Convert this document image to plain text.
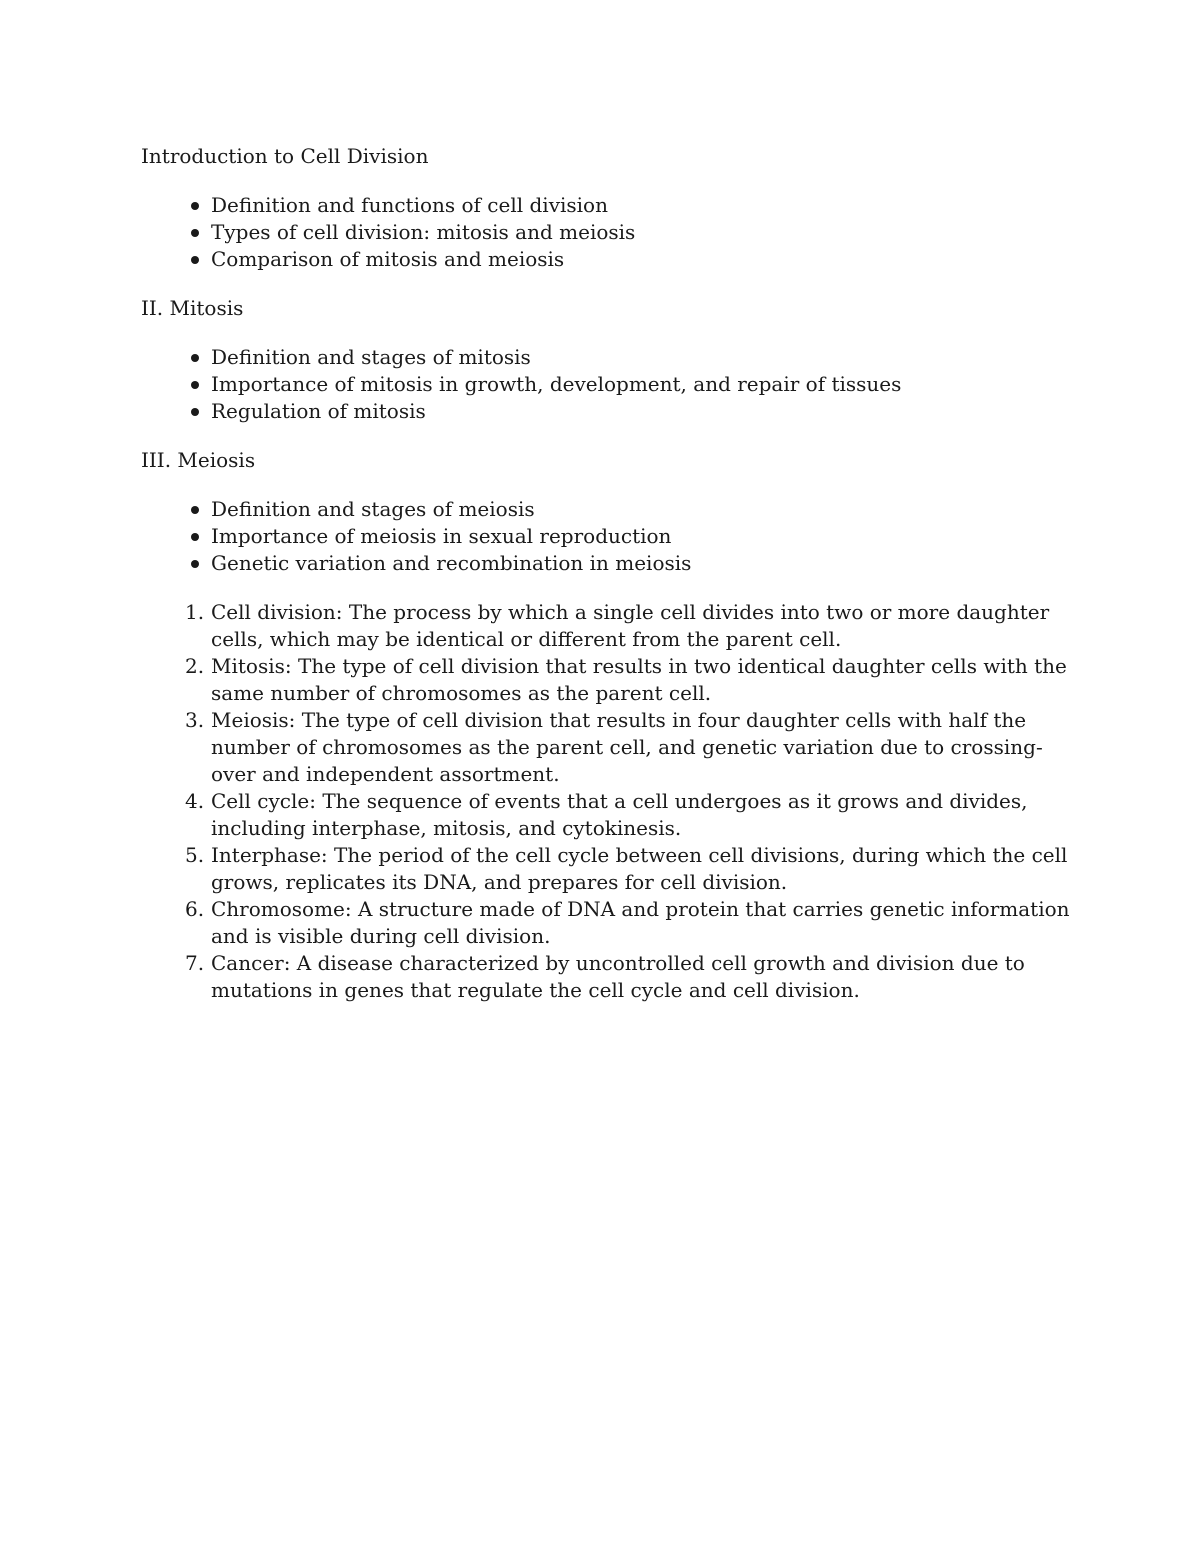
Introduction to Cell Division

Definition and functions of cell division
Types of cell division: mitosis and meiosis
Comparison of mitosis and meiosis

II. Mitosis

Definition and stages of mitosis
Importance of mitosis in growth, development, and repair of tissues
Regulation of mitosis

III. Meiosis

Definition and stages of meiosis
Importance of meiosis in sexual reproduction
Genetic variation and recombination in meiosis
1. Cell division: The process by which a single cell divides into two or more daughter cells, which may be identical or different from the parent cell.
2. Mitosis: The type of cell division that results in two identical daughter cells with the same number of chromosomes as the parent cell.
3. Meiosis: The type of cell division that results in four daughter cells with half the number of chromosomes as the parent cell, and genetic variation due to crossing-over and independent assortment.
4. Cell cycle: The sequence of events that a cell undergoes as it grows and divides, including interphase, mitosis, and cytokinesis.
5. Interphase: The period of the cell cycle between cell divisions, during which the cell grows, replicates its DNA, and prepares for cell division.
6. Chromosome: A structure made of DNA and protein that carries genetic information and is visible during cell division.
7. Cancer: A disease characterized by uncontrolled cell growth and division due to mutations in genes that regulate the cell cycle and cell division.
